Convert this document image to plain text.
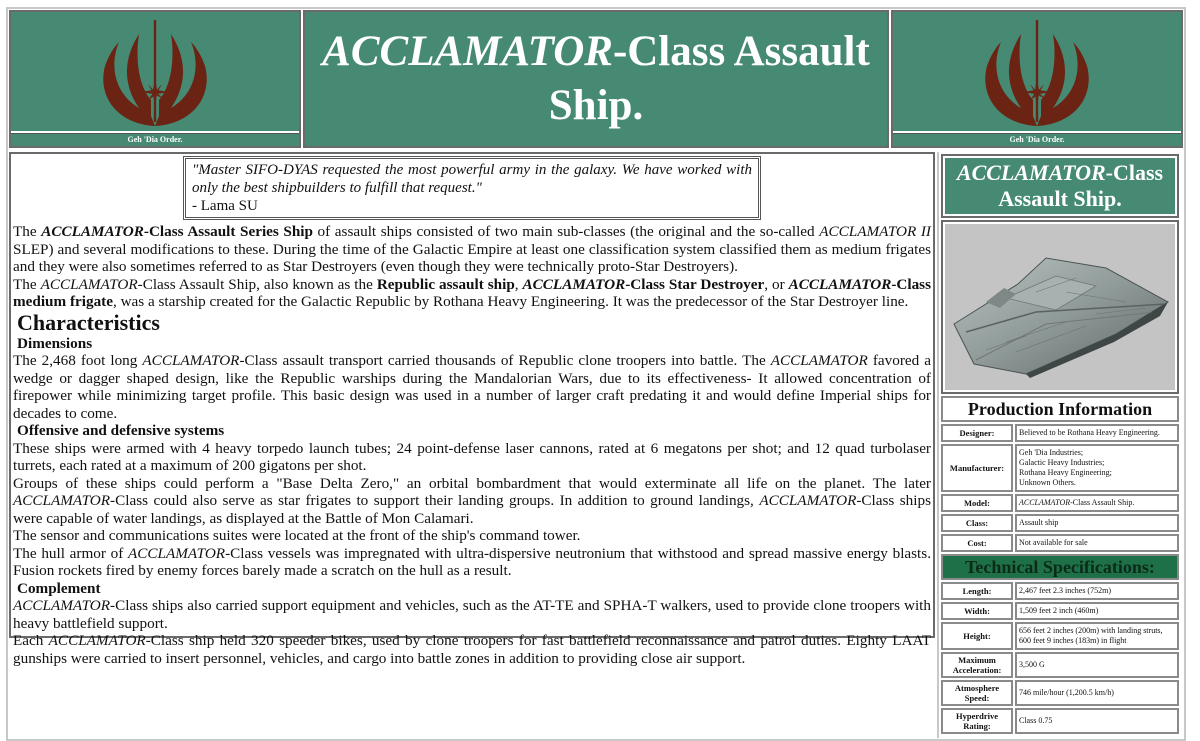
Geh 'Dia Order.
ACCLAMATOR-Class Assault Ship.
Geh 'Dia Order.
"Master SIFO-DYAS requested the most powerful army in the galaxy. We have worked with only the best shipbuilders to fulfill that request."
- Lama SU

The ACCLAMATOR-Class Assault Series Ship of assault ships consisted of two main sub-classes (the original and the so-called ACCLAMATOR II SLEP) and several modifications to these. During the time of the Galactic Empire at least one classification system classified them as medium frigates and they were also sometimes referred to as Star Destroyers (even though they were technically proto-Star Destroyers).

The ACCLAMATOR-Class Assault Ship, also known as the Republic assault ship, ACCLAMATOR-Class Star Destroyer, or ACCLAMATOR-Class medium frigate, was a starship created for the Galactic Republic by Rothana Heavy Engineering. It was the predecessor of the Star Destroyer line.

Characteristics
Dimensions

The 2,468 foot long ACCLAMATOR-Class assault transport carried thousands of Republic clone troopers into battle. The ACCLAMATOR favored a wedge or dagger shaped design, like the Republic warships during the Mandalorian Wars, due to its effectiveness- It allowed concentration of firepower while minimizing target profile. This basic design was used in a number of larger craft predating it and would define Imperial ships for decades to come.

Offensive and defensive systems

These ships were armed with 4 heavy torpedo launch tubes; 24 point-defense laser cannons, rated at 6 megatons per shot; and 12 quad turbolaser turrets, each rated at a maximum of 200 gigatons per shot.

Groups of these ships could perform a "Base Delta Zero," an orbital bombardment that would exterminate all life on the planet. The later ACCLAMATOR-Class could also serve as star frigates to support their landing groups. In addition to ground landings, ACCLAMATOR-Class ships were capable of water landings, as displayed at the Battle of Mon Calamari.

The sensor and communications suites were located at the front of the ship's command tower.

The hull armor of ACCLAMATOR-Class vessels was impregnated with ultra-dispersive neutronium that withstood and spread massive energy blasts. Fusion rockets fired by enemy forces barely made a scratch on the hull as a result.

Complement

ACCLAMATOR-Class ships also carried support equipment and vehicles, such as the AT-TE and SPHA-T walkers, used to provide clone troopers with heavy battlefield support.

Each ACCLAMATOR-Class ship held 320 speeder bikes, used by clone troopers for fast battlefield reconnaissance and patrol duties. Eighty LAAT gunships were carried to insert personnel, vehicles, and cargo into battle zones in addition to providing close air support.

ACCLAMATOR-Class Assault Ship.
Production Information
Designer:	Believed to be Rothana Heavy Engineering.
Manufacturer:
Geh 'Dia Industries;
Galactic Heavy Industries;
Rothana Heavy Engineering;
Unknown Others.
Model:	ACCLAMATOR-Class Assault Ship.
Class:	Assault ship
Cost:	Not available for sale
Technical Specifications:
Length:	2,467 feet 2.3 inches (752m)
Width:	1,509 feet 2 inch (460m)
Height:
656 feet 2 inches (200m) with landing struts,
600 feet 9 inches (183m) in flight
Maximum Acceleration:
3,500 G
Atmosphere Speed:
746 mile/hour (1,200.5 km/h)
Hyperdrive Rating:
Class 0.75
